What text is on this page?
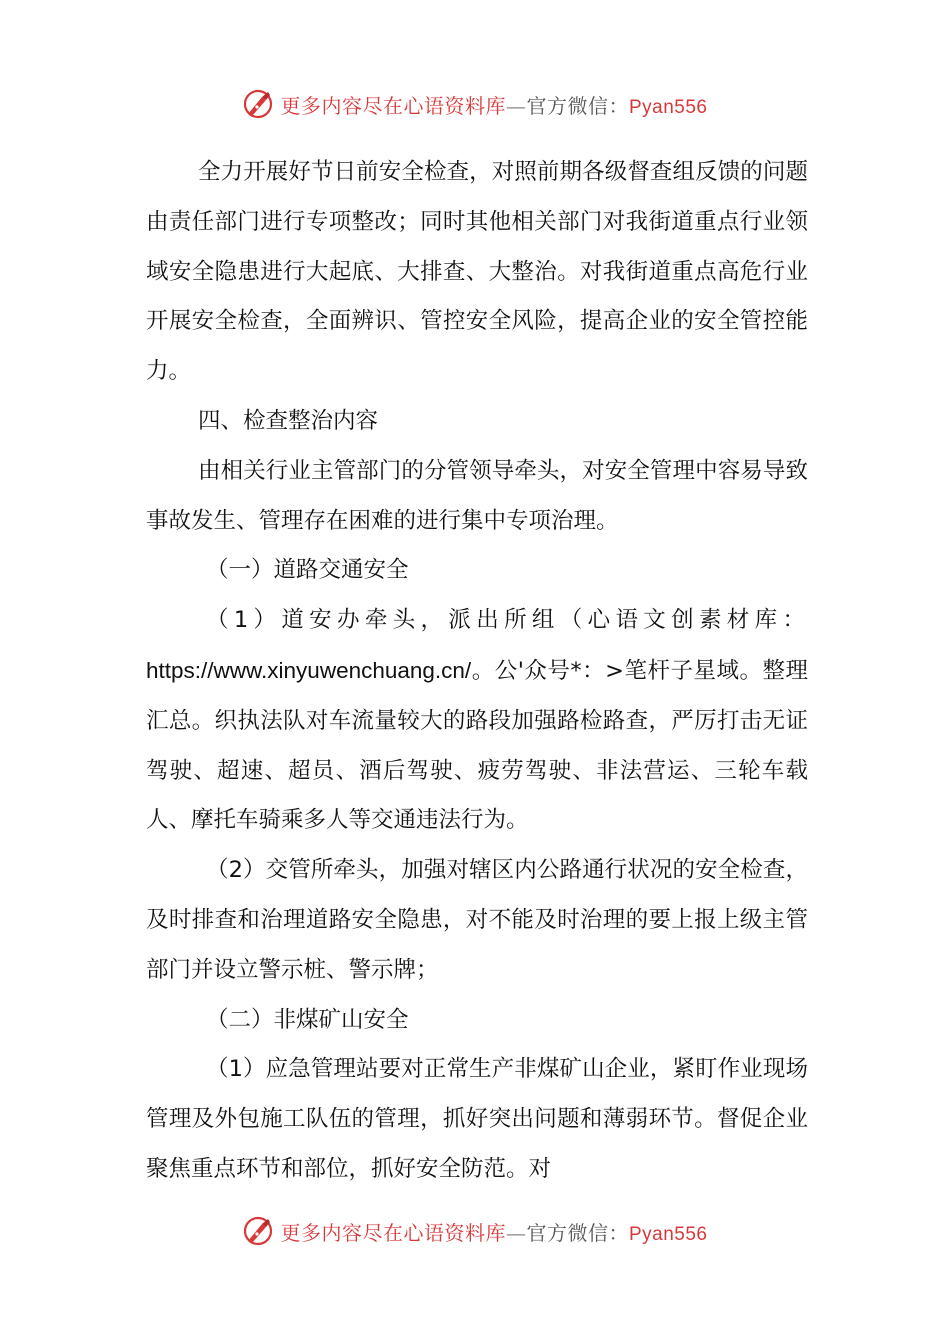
更多内容尽在心语资料库—官方微信：Pyan556

全力开展好节日前安全检查，对照前期各级督查组反馈的问题由责任部门进行专项整改；同时其他相关部门对我街道重点行业领域安全隐患进行大起底、大排查、大整治。对我街道重点高危行业开展安全检查，全面辨识、管控安全风险，提高企业的安全管控能力。

四、检查整治内容

由相关行业主管部门的分管领导牵头，对安全管理中容易导致事故发生、管理存在困难的进行集中专项治理。

（一）道路交通安全

（1）道安办牵头，派出所组（心语文创素材库：https://www.xinyuwenchuang.cn/。公'众号*：>笔杆子星域。整理汇总。织执法队对车流量较大的路段加强路检路查，严厉打击无证驾驶、超速、超员、酒后驾驶、疲劳驾驶、非法营运、三轮车载人、摩托车骑乘多人等交通违法行为。

（2）交管所牵头，加强对辖区内公路通行状况的安全检查，及时排查和治理道路安全隐患，对不能及时治理的要上报上级主管部门并设立警示桩、警示牌；

（二）非煤矿山安全

（1）应急管理站要对正常生产非煤矿山企业，紧盯作业现场管理及外包施工队伍的管理，抓好突出问题和薄弱环节。督促企业聚焦重点环节和部位，抓好安全防范。对

更多内容尽在心语资料库—官方微信：Pyan556
